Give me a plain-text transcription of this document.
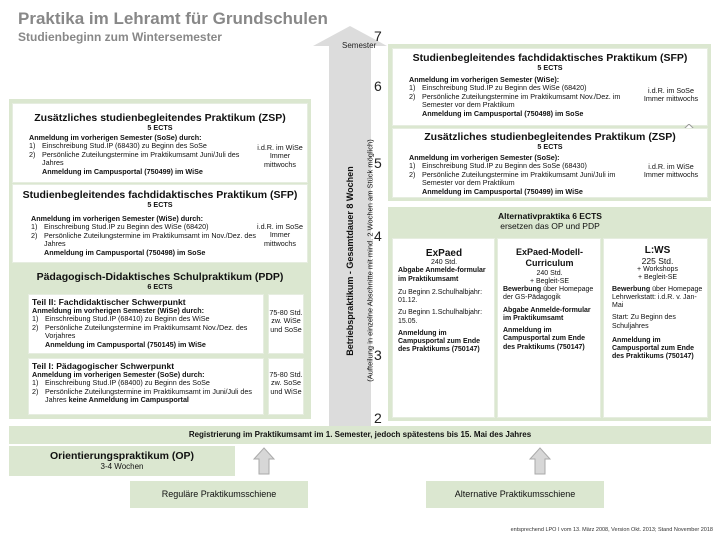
Praktika im Lehramt für Grundschulen
Studienbeginn zum Wintersemester	7
Semester
6
5
4
3
2
Betriebspraktikum - Gesamtdauer 8 Wochen (Aufteilung in einzelne Abschnitte mit mind. 2 Wochen am Stück möglich)
Zusätzliches studienbegleitendes Praktikum (ZSP)
5 ECTS
Anmeldung im vorherigen Semester (SoSe) durch:
1) Einschreibung Stud.IP (68430) zu Beginn des SoSe
2) Persönliche Zuteilungstermine im Praktikumsamt Juni/Juli des Jahres
Anmeldung im Campusportal (750499) im WiSe
i.d.R. im WiSe Immer mittwochs
Studienbegleitendes fachdidaktisches Praktikum (SFP)
5 ECTS
Anmeldung im vorherigen Semester (WiSe) durch:
1) Einschreibung Stud.IP zu Beginn des WiSe (68420)
2) Persönliche Zuteilungstermine im Praktikumsamt im Nov./Dez. des Jahres
Anmeldung im Campusportal (750498) im SoSe
i.d.R. im SoSe Immer mittwochs
Pädagogisch-Didaktisches Schulpraktikum (PDP)
6 ECTS
Teil II: Fachdidaktischer Schwerpunkt
Anmeldung im vorherigen Semester (WiSe) durch:
1) Einschreibung Stud.IP (68410) zu Beginn des WiSe
2) Persönliche Zuteilungstermine im Praktikumsamt Nov./Dez. des Vorjahres
Anmeldung im Campusportal (750145) im WiSe
75-80 Std. zw. WiSe und SoSe
Teil I: Pädagogischer Schwerpunkt
Anmeldung im vorherigen Semester (SoSe) durch:
1) Einschreibung Stud.IP (68400) zu Beginn des SoSe
2) Persönliche Zuteilungstermine im Praktikumsamt im Juni/Juli des Jahres keine Anmeldung im Campusportal
75-80 Std. zw. SoSe und WiSe
Studienbegleitendes fachdidaktisches Praktikum (SFP)
5 ECTS
Anmeldung im vorherigen Semester (WiSe):
1) Einschreibung Stud.IP zu Beginn des WiSe (68420)
2) Persönliche Zuteilungstermine im Praktikumsamt Nov./Dez. im Semester vor dem Praktikum
Anmeldung im Campusportal (750498) im SoSe
i.d.R. im SoSe Immer mittwochs
Zusätzliches studienbegleitendes Praktikum (ZSP)
5 ECTS
Anmeldung im vorherigen Semester (SoSe):
1) Einschreibung Stud.IP zu Beginn des SoSe (68430)
2) Persönliche Zuteilungstermine im Praktikumsamt Juni/Juli im Semester vor dem Praktikum
Anmeldung im Campusportal (750499) im WiSe
i.d.R. im WiSe Immer mittwochs
Alternativpraktika 6 ECTS
ersetzen das OP und PDP
ExPaed
240 Std.
Abgabe Anmelde-formular im Praktikumsamt
Zu Beginn 2.Schulhalbjahr: 01.12.
Zu Beginn 1.Schulhalbjahr: 15.05.
Anmeldung im Campusportal zum Ende des Praktikums (750147)
ExPaed-Modell-Curriculum
240 Std.
+ Begleit-SE
Bewerbung über Homepage der GS-Pädagogik
Abgabe Anmelde-formular im Praktikumsamt
Anmeldung im Campusportal zum Ende des Praktikums (750147)
L:WS
225 Std.
+ Workshops
+ Begleit-SE
Bewerbung über Homepage Lehrwerkstatt: i.d.R. v. Jan-Mai
Start: Zu Beginn des Schuljahres
Anmeldung im Campusportal zum Ende des Praktikums (750147)
Registrierung im Praktikumsamt im 1. Semester, jedoch spätestens bis 15. Mai des Jahres
Orientierungspraktikum (OP)
3-4 Wochen
Reguläre Praktikumsschiene	Alternative Praktikumsschiene
entsprechend LPO I vom 13. März 2008, Version Okt. 2013; Stand November 2018
